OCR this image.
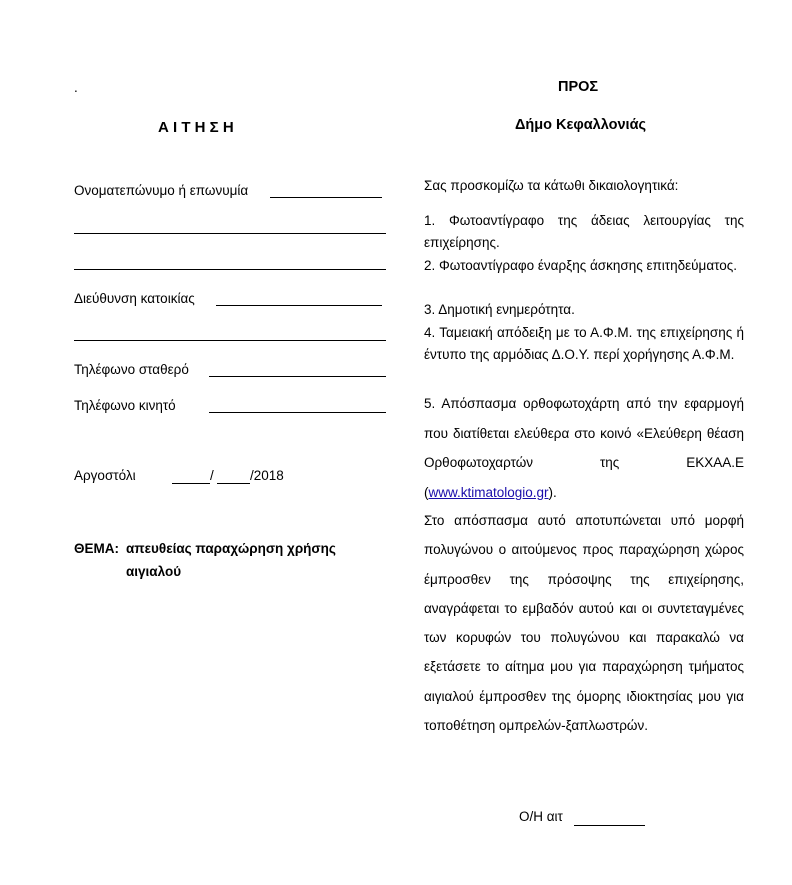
.
Α Ι Τ Η Σ Η
Ονοματεπώνυμο ή επωνυμία
Διεύθυνση κατοικίας
Τηλέφωνο σταθερό
Τηλέφωνο κινητό
Αργοστόλι	/	/2018
ΘΕΜΑ: απευθείας παραχώρηση χρήσης
αιγιαλού
ΠΡΟΣ
Δήμο Κεφαλλονιάς
Σας προσκομίζω τα κάτωθι δικαιολογητικά:
1. Φωτοαντίγραφο της άδειας λειτουργίας της επιχείρησης.
2. Φωτοαντίγραφο έναρξης άσκησης επιτηδεύματος.
3. Δημοτική ενημερότητα.
4. Ταμειακή απόδειξη με το Α.Φ.Μ. της επιχείρησης ή έντυπο της αρμόδιας Δ.Ο.Υ. περί χορήγησης Α.Φ.Μ.
5. Απόσπασμα ορθοφωτοχάρτη από την εφαρμογή που διατίθεται ελεύθερα στο κοινό «Ελεύθερη θέαση Ορθοφωτοχαρτών της ΕΚΧΑΑ.Ε (www.ktimatologio.gr).
Στο απόσπασμα αυτό αποτυπώνεται υπό μορφή πολυγώνου ο αιτούμενος προς παραχώρηση χώρος έμπροσθεν της πρόσοψης της επιχείρησης, αναγράφεται το εμβαδόν αυτού και οι συντεταγμένες των κορυφών του πολυγώνου και παρακαλώ να εξετάσετε το αίτημα μου για παραχώρηση τμήματος αιγιαλού έμπροσθεν της όμορης ιδιοκτησίας μου για τοποθέτηση ομπρελών-ξαπλωστρών.
Ο/Η αιτ
